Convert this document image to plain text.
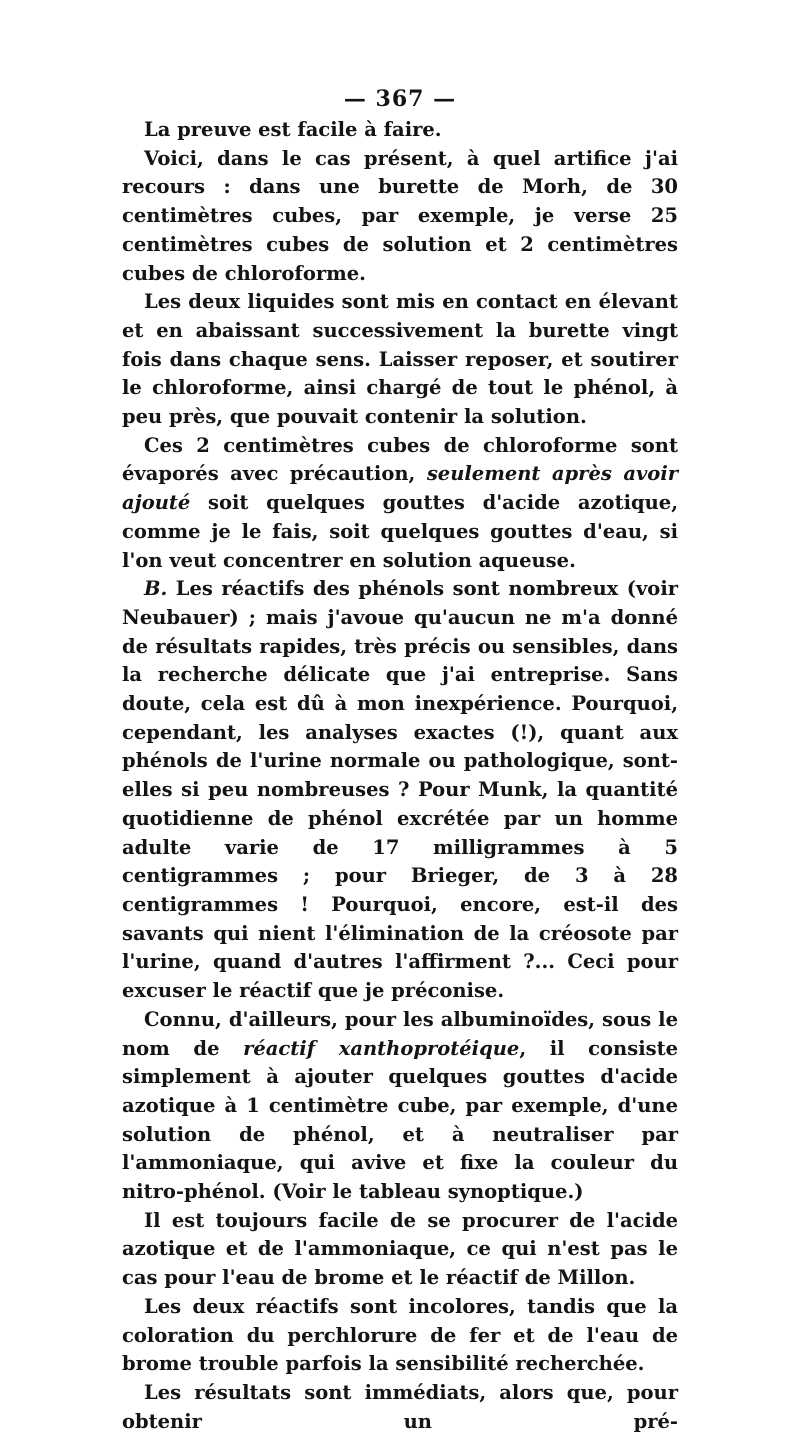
— 367 —

La preuve est facile à faire.

Voici, dans le cas présent, à quel artifice j'ai recours : dans une burette de Morh, de 30 centimètres cubes, par exemple, je verse 25 centimètres cubes de solution et 2 centimètres cubes de chloroforme.

Les deux liquides sont mis en contact en élevant et en abaissant successivement la burette vingt fois dans chaque sens. Laisser reposer, et soutirer le chloroforme, ainsi chargé de tout le phénol, à peu près, que pouvait contenir la solution.

Ces 2 centimètres cubes de chloroforme sont évaporés avec précaution, seulement après avoir ajouté soit quelques gouttes d'acide azotique, comme je le fais, soit quelques gouttes d'eau, si l'on veut concentrer en solution aqueuse.

B. Les réactifs des phénols sont nombreux (voir Neubauer) ; mais j'avoue qu'aucun ne m'a donné de résultats rapides, très précis ou sensibles, dans la recherche délicate que j'ai entreprise. Sans doute, cela est dû à mon inexpérience. Pourquoi, cependant, les analyses exactes (!), quant aux phénols de l'urine normale ou pathologique, sont-elles si peu nombreuses ? Pour Munk, la quantité quotidienne de phénol excrétée par un homme adulte varie de 17 milligrammes à 5 centigrammes ; pour Brieger, de 3 à 28 centigrammes ! Pourquoi, encore, est-il des savants qui nient l'élimination de la créosote par l'urine, quand d'autres l'affirment ?... Ceci pour excuser le réactif que je préconise.

Connu, d'ailleurs, pour les albuminoïdes, sous le nom de réactif xanthoprotéique, il consiste simplement à ajouter quelques gouttes d'acide azotique à 1 centimètre cube, par exemple, d'une solution de phénol, et à neutraliser par l'ammoniaque, qui avive et fixe la couleur du nitro-phénol. (Voir le tableau synoptique.)

Il est toujours facile de se procurer de l'acide azotique et de l'ammoniaque, ce qui n'est pas le cas pour l'eau de brome et le réactif de Millon.

Les deux réactifs sont incolores, tandis que la coloration du perchlorure de fer et de l'eau de brome trouble parfois la sensibilité recherchée.

Les résultats sont immédiats, alors que, pour obtenir un pré-
